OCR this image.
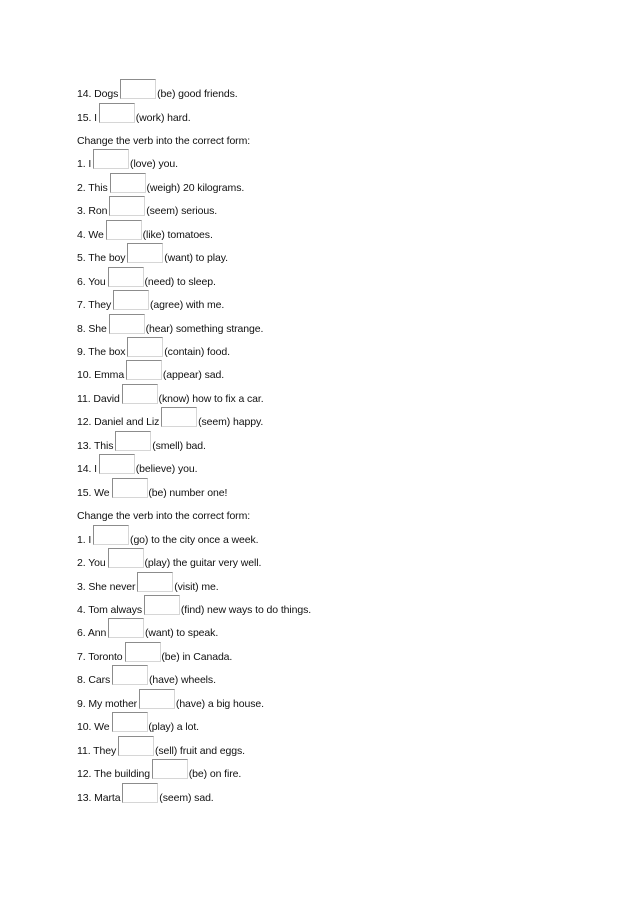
14. Dogs	(be) good friends.
15. I	(work) hard.
Change the verb into the correct form:
1. I	(love) you.
2. This	(weigh) 20 kilograms.
3. Ron	(seem) serious.
4. We	(like) tomatoes.
5. The boy	(want) to play.
6. You	(need) to sleep.
7. They	(agree) with me.
8. She	(hear) something strange.
9. The box	(contain) food.
10. Emma	(appear) sad.
11. David	(know) how to fix a car.
12. Daniel and Liz	(seem) happy.
13. This	(smell) bad.
14. I	(believe) you.
15. We	(be) number one!
Change the verb into the correct form:
1. I	(go) to the city once a week.
2. You	(play) the guitar very well.
3. She never	(visit) me.
4. Tom always	(find) new ways to do things.
6. Ann	(want) to speak.
7. Toronto	(be) in Canada.
8. Cars	(have) wheels.
9. My mother	(have) a big house.
10. We	(play) a lot.
11. They	(sell) fruit and eggs.
12. The building	(be) on fire.
13. Marta	(seem) sad.
